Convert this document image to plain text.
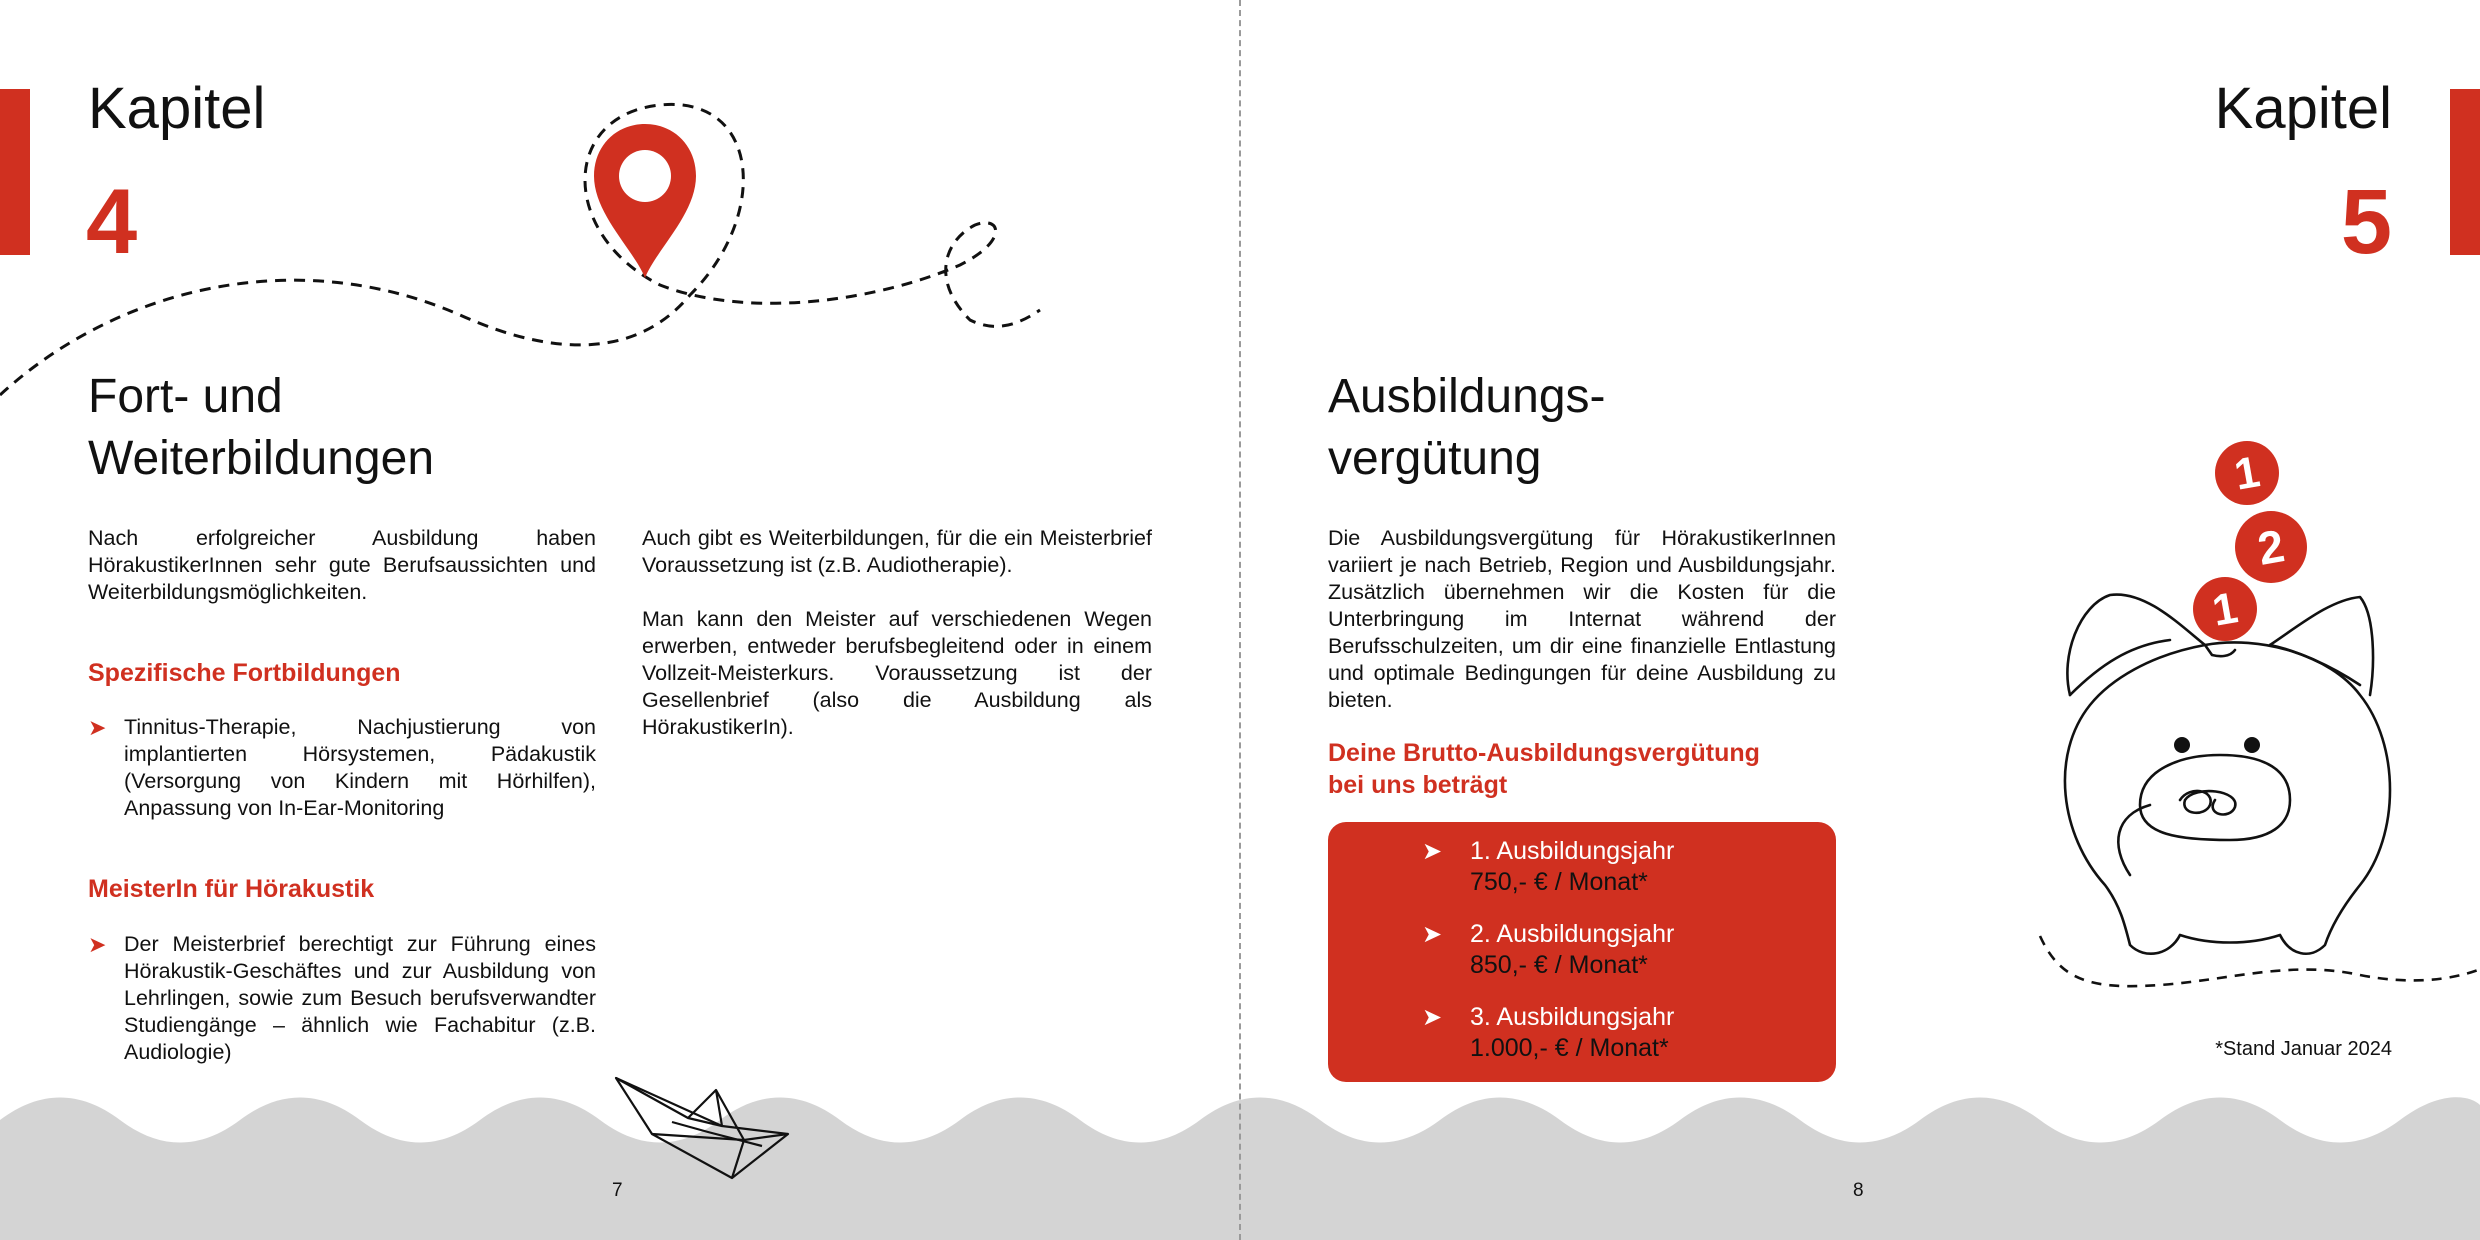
Kapitel
4
Fort- und
Weiterbildungen
Nach erfolgreicher Ausbildung haben HörakustikerInnen sehr gute Berufsaussichten und Weiterbildungsmöglichkeiten.
Spezifische Fortbildungen
➤ Tinnitus-Therapie, Nachjustierung von implantierten Hörsystemen, Pädakustik (Versorgung von Kindern mit Hörhilfen), Anpassung von In-Ear-Monitoring
MeisterIn für Hörakustik
➤ Der Meisterbrief berechtigt zur Führung eines Hörakustik-Geschäftes und zur Ausbildung von Lehrlingen, sowie zum Besuch berufsverwandter Studiengänge – ähnlich wie Fachabitur (z.B. Audiologie)
Auch gibt es Weiterbildungen, für die ein Meisterbrief Voraussetzung ist (z.B. Audiotherapie).
Man kann den Meister auf verschiedenen Wegen erwerben, entweder berufsbegleitend oder in einem Vollzeit-Meisterkurs. Voraussetzung ist der Gesellenbrief (also die Ausbildung als HörakustikerIn).
7
Kapitel
5
Ausbildungs-
vergütung
Die Ausbildungsvergütung für HörakustikerInnen variiert je nach Betrieb, Region und Ausbildungsjahr. Zusätzlich übernehmen wir die Kosten für die Unterbringung im Internat während der Berufsschulzeiten, um dir eine finanzielle Entlastung und optimale Bedingungen für deine Ausbildung zu bieten.
Deine Brutto-Ausbildungsvergütung
bei uns beträgt
➤	1. Ausbildungsjahr
750,- € / Monat*
➤	2. Ausbildungsjahr
850,- € / Monat*
➤	3. Ausbildungsjahr
1.000,- € / Monat*
1
2
1
*Stand Januar 2024
8
